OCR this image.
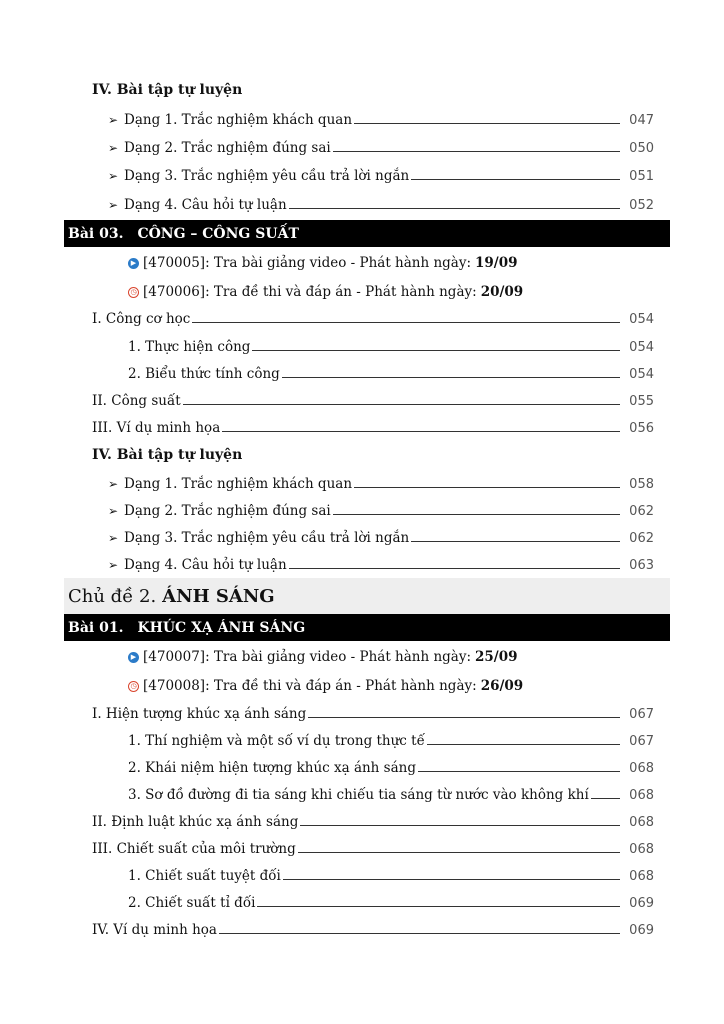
IV. Bài tập tự luyện
➢ Dạng 1. Trắc nghiệm khách quan	047
➢ Dạng 2. Trắc nghiệm đúng sai	050
➢ Dạng 3. Trắc nghiệm yêu cầu trả lời ngắn	051
➢ Dạng 4. Câu hỏi tự luận	052
Bài 03. CÔNG – CÔNG SUẤT
▶ [470005]: Tra bài giảng video - Phát hành ngày: 19/09
◷ [470006]: Tra đề thi và đáp án - Phát hành ngày: 20/09
I. Công cơ học	054
1. Thực hiện công	054
2. Biểu thức tính công	054
II. Công suất	055
III. Ví dụ minh họa	056
IV. Bài tập tự luyện
➢ Dạng 1. Trắc nghiệm khách quan	058
➢ Dạng 2. Trắc nghiệm đúng sai	062
➢ Dạng 3. Trắc nghiệm yêu cầu trả lời ngắn	062
➢ Dạng 4. Câu hỏi tự luận	063
Chủ đề 2. ÁNH SÁNG
Bài 01. KHÚC XẠ ÁNH SÁNG
▶ [470007]: Tra bài giảng video - Phát hành ngày: 25/09
◷ [470008]: Tra đề thi và đáp án - Phát hành ngày: 26/09
I. Hiện tượng khúc xạ ánh sáng	067
1. Thí nghiệm và một số ví dụ trong thực tế	067
2. Khái niệm hiện tượng khúc xạ ánh sáng	068
3. Sơ đồ đường đi tia sáng khi chiếu tia sáng từ nước vào không khí	068
II. Định luật khúc xạ ánh sáng	068
III. Chiết suất của môi trường	068
1. Chiết suất tuyệt đối	068
2. Chiết suất tỉ đối	069
IV. Ví dụ minh họa	069
